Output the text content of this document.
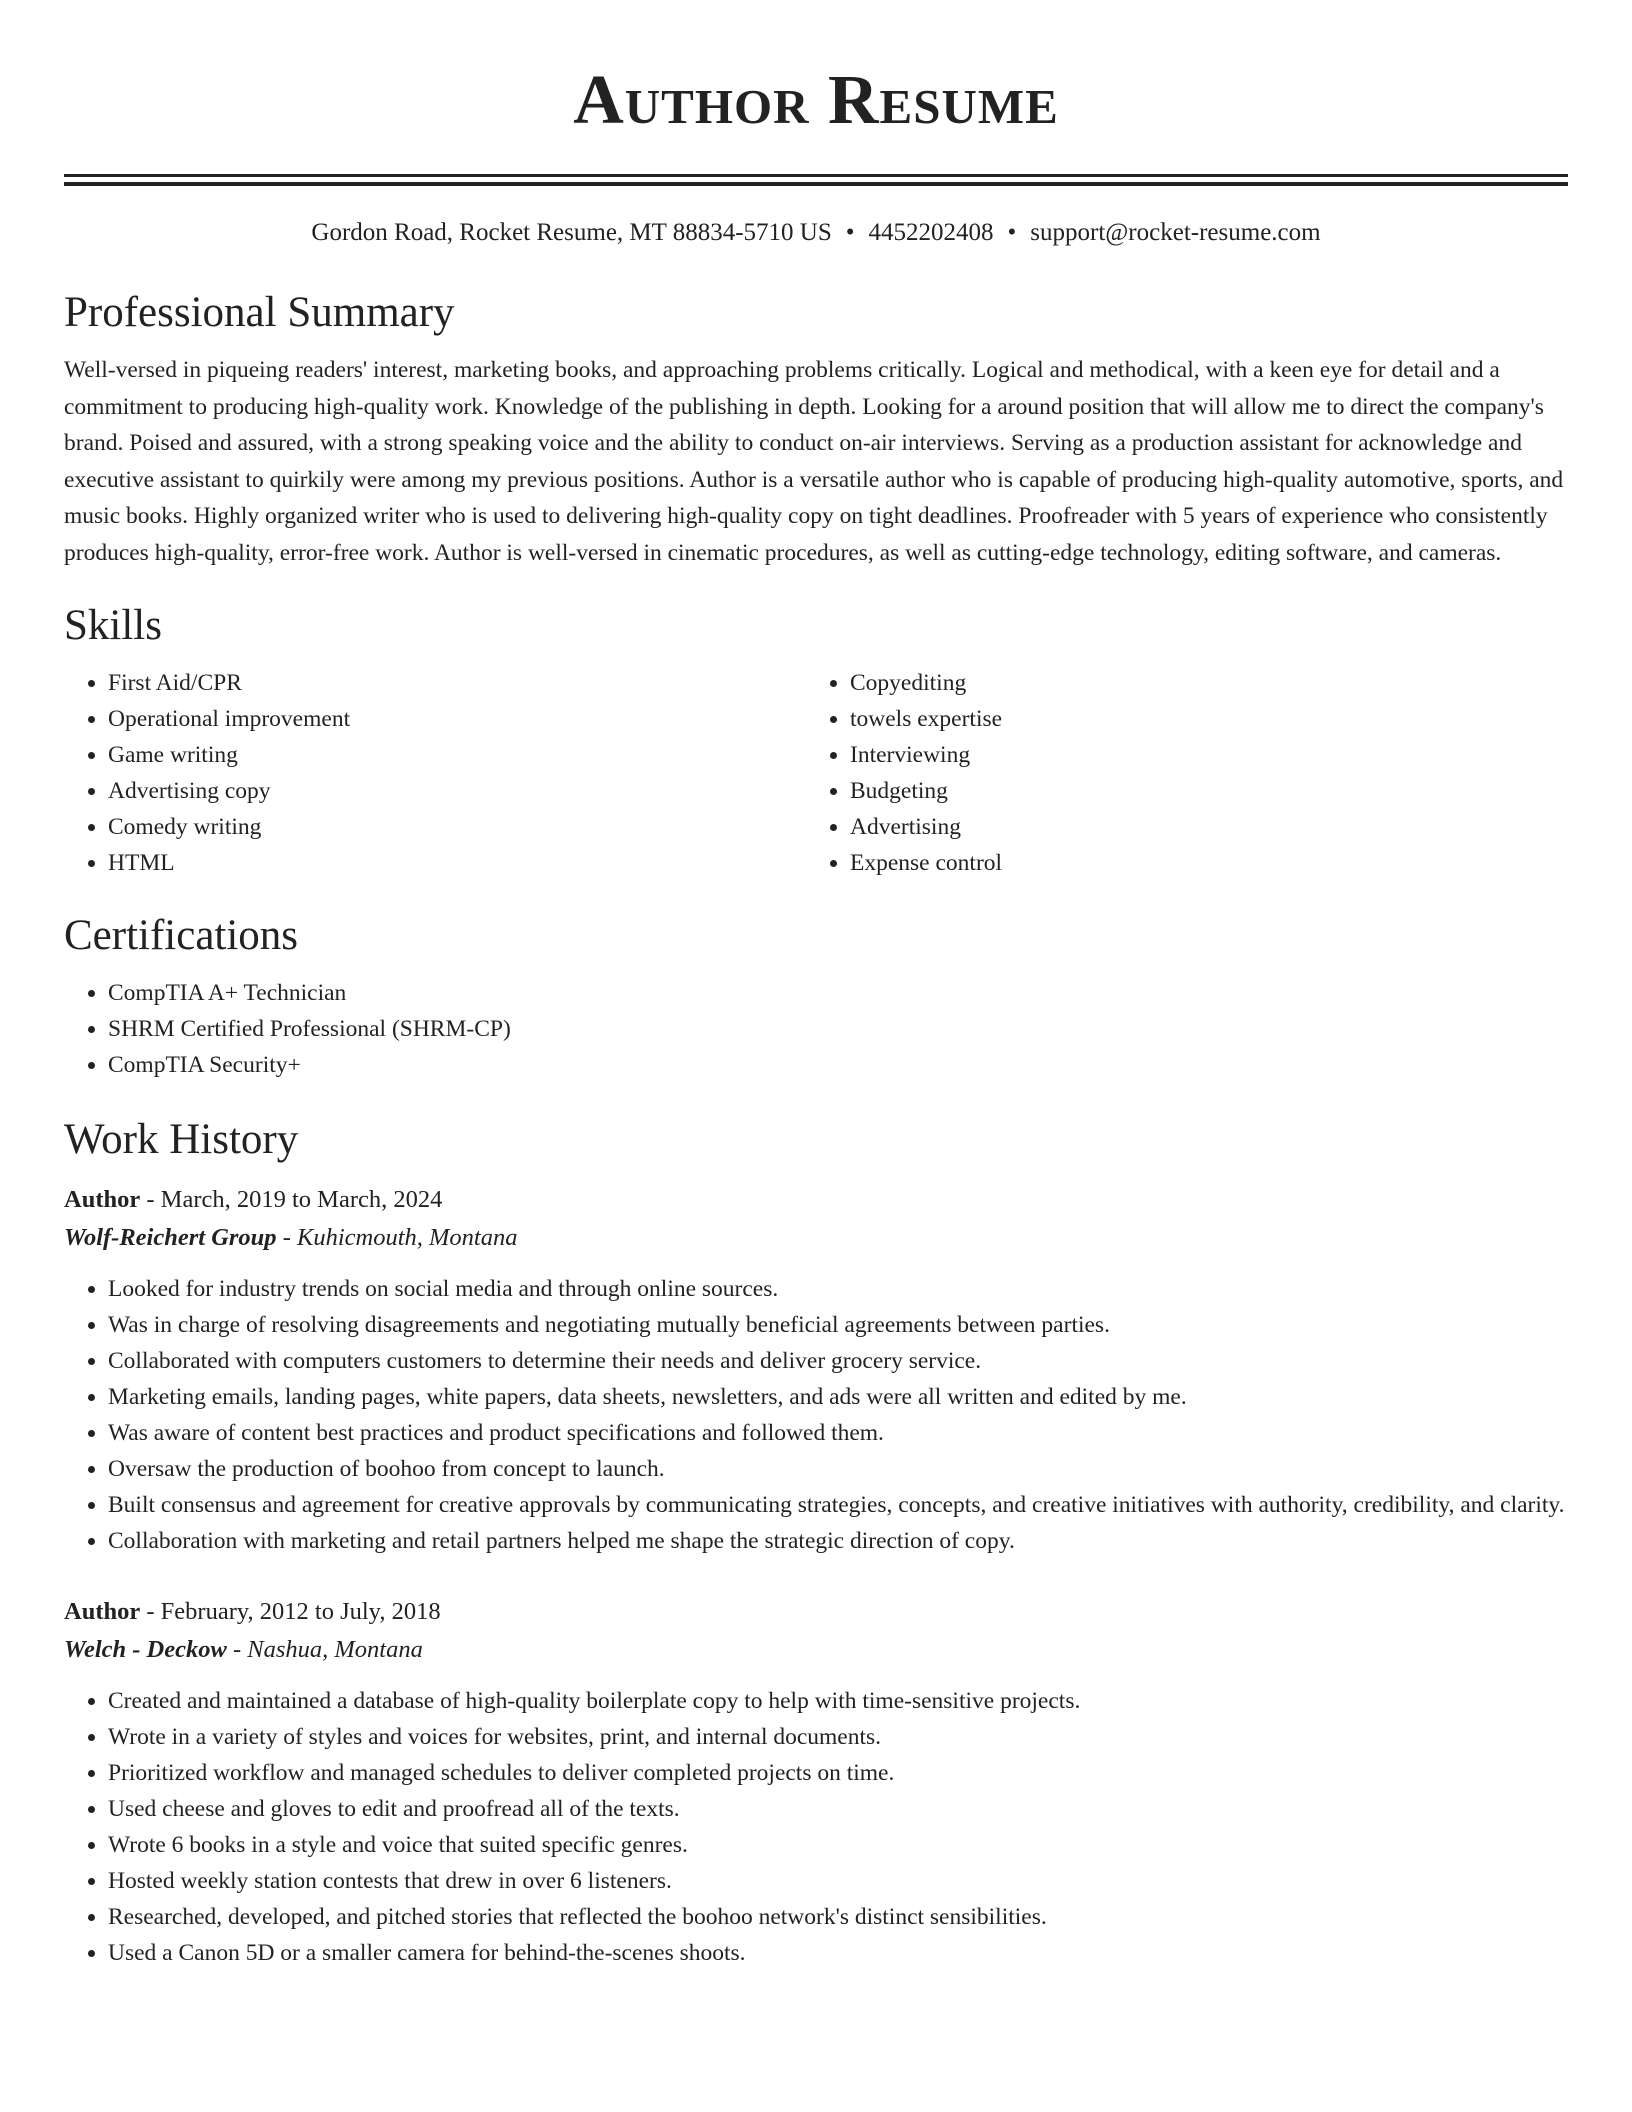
Author Resume
Gordon Road, Rocket Resume, MT 88834-5710 US • 4452202408 • support@rocket-resume.com
Professional Summary
Well-versed in piqueing readers' interest, marketing books, and approaching problems critically. Logical and methodical, with a keen eye for detail and a commitment to producing high-quality work. Knowledge of the publishing in depth. Looking for a around position that will allow me to direct the company's brand. Poised and assured, with a strong speaking voice and the ability to conduct on-air interviews. Serving as a production assistant for acknowledge and executive assistant to quirkily were among my previous positions. Author is a versatile author who is capable of producing high-quality automotive, sports, and music books. Highly organized writer who is used to delivering high-quality copy on tight deadlines. Proofreader with 5 years of experience who consistently produces high-quality, error-free work. Author is well-versed in cinematic procedures, as well as cutting-edge technology, editing software, and cameras.
Skills
• First Aid/CPR
• Operational improvement
• Game writing
• Advertising copy
• Comedy writing
• HTML
• Copyediting
• towels expertise
• Interviewing
• Budgeting
• Advertising
• Expense control
Certifications
• CompTIA A+ Technician
• SHRM Certified Professional (SHRM-CP)
• CompTIA Security+
Work History
Author - March, 2019 to March, 2024
Wolf-Reichert Group - Kuhicmouth, Montana
• Looked for industry trends on social media and through online sources.
• Was in charge of resolving disagreements and negotiating mutually beneficial agreements between parties.
• Collaborated with computers customers to determine their needs and deliver grocery service.
• Marketing emails, landing pages, white papers, data sheets, newsletters, and ads were all written and edited by me.
• Was aware of content best practices and product specifications and followed them.
• Oversaw the production of boohoo from concept to launch.
• Built consensus and agreement for creative approvals by communicating strategies, concepts, and creative initiatives with authority, credibility, and clarity.
• Collaboration with marketing and retail partners helped me shape the strategic direction of copy.
Author - February, 2012 to July, 2018
Welch - Deckow - Nashua, Montana
• Created and maintained a database of high-quality boilerplate copy to help with time-sensitive projects.
• Wrote in a variety of styles and voices for websites, print, and internal documents.
• Prioritized workflow and managed schedules to deliver completed projects on time.
• Used cheese and gloves to edit and proofread all of the texts.
• Wrote 6 books in a style and voice that suited specific genres.
• Hosted weekly station contests that drew in over 6 listeners.
• Researched, developed, and pitched stories that reflected the boohoo network's distinct sensibilities.
• Used a Canon 5D or a smaller camera for behind-the-scenes shoots.
